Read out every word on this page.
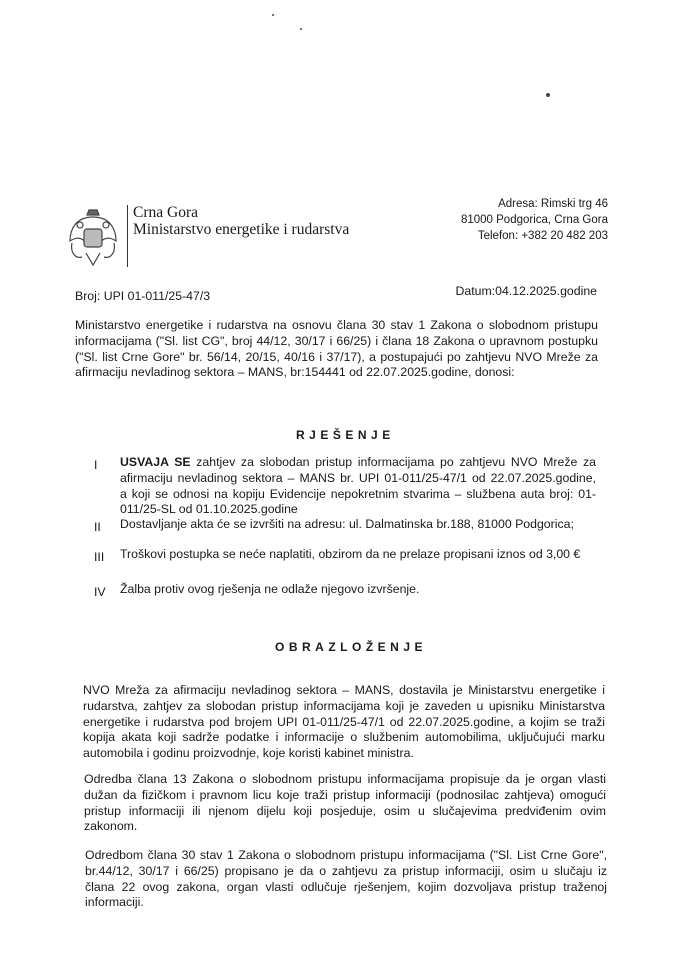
Crna Gora
Ministarstvo energetike i rudarstva
Adresa: Rimski trg 46
81000 Podgorica, Crna Gora
Telefon: +382 20 482 203
Datum:04.12.2025.godine
Broj: UPI 01-011/25-47/3
Ministarstvo energetike i rudarstva na osnovu člana 30 stav 1 Zakona o slobodnom pristupu
informacijama ("Sl. list CG", broj 44/12, 30/17 i 66/25) i člana 18 Zakona o upravnom postupku
("Sl. list Crne Gore" br. 56/14, 20/15, 40/16 i 37/17), a postupajući po zahtjevu NVO Mreže za
afirmaciju nevladinog sektora – MANS, br:154441 od 22.07.2025.godine, donosi:
RJEŠENJE
I USVAJA SE zahtjev za slobodan pristup informacijama po zahtjevu NVO Mreže za
afirmaciju nevladinog sektora – MANS br. UPI 01-011/25-47/1 od 22.07.2025.godine,
a koji se odnosi na kopiju Evidencije nepokretnim stvarima – službena auta broj: 01-
011/25-SL od 01.10.2025.godine
II Dostavljanje akta će se izvršiti na adresu: ul. Dalmatinska br.188, 81000 Podgorica;
III Troškovi postupka se neće naplatiti, obzirom da ne prelaze propisani iznos od 3,00 €
IV Žalba protiv ovog rješenja ne odlaže njegovo izvršenje.
OBRAZLOŽENJE
NVO Mreža za afirmaciju nevladinog sektora – MANS, dostavila je Ministarstvu energetike i
rudarstva, zahtjev za slobodan pristup informacijama koji je zaveden u upisniku Ministarstva
energetike i rudarstva pod brojem UPI 01-011/25-47/1 od 22.07.2025.godine, a kojim se traži
kopija akata koji sadrže podatke i informacije o službenim automobilima, uključujući marku
automobila i godinu proizvodnje, koje koristi kabinet ministra.
Odredba člana 13 Zakona o slobodnom pristupu informacijama propisuje da je organ vlasti
dužan da fizičkom i pravnom licu koje traži pristup informaciji (podnosilac zahtjeva) omogući
pristup informaciji ili njenom dijelu koji posjeduje, osim u slučajevima predviđenim ovim
zakonom.
Odredbom člana 30 stav 1 Zakona o slobodnom pristupu informacijama ("Sl. List Crne Gore",
br.44/12, 30/17 i 66/25) propisano je da o zahtjevu za pristup informaciji, osim u slučaju iz
člana 22 ovog zakona, organ vlasti odlučuje rješenjem, kojim dozvoljava pristup traženoj
informaciji.
